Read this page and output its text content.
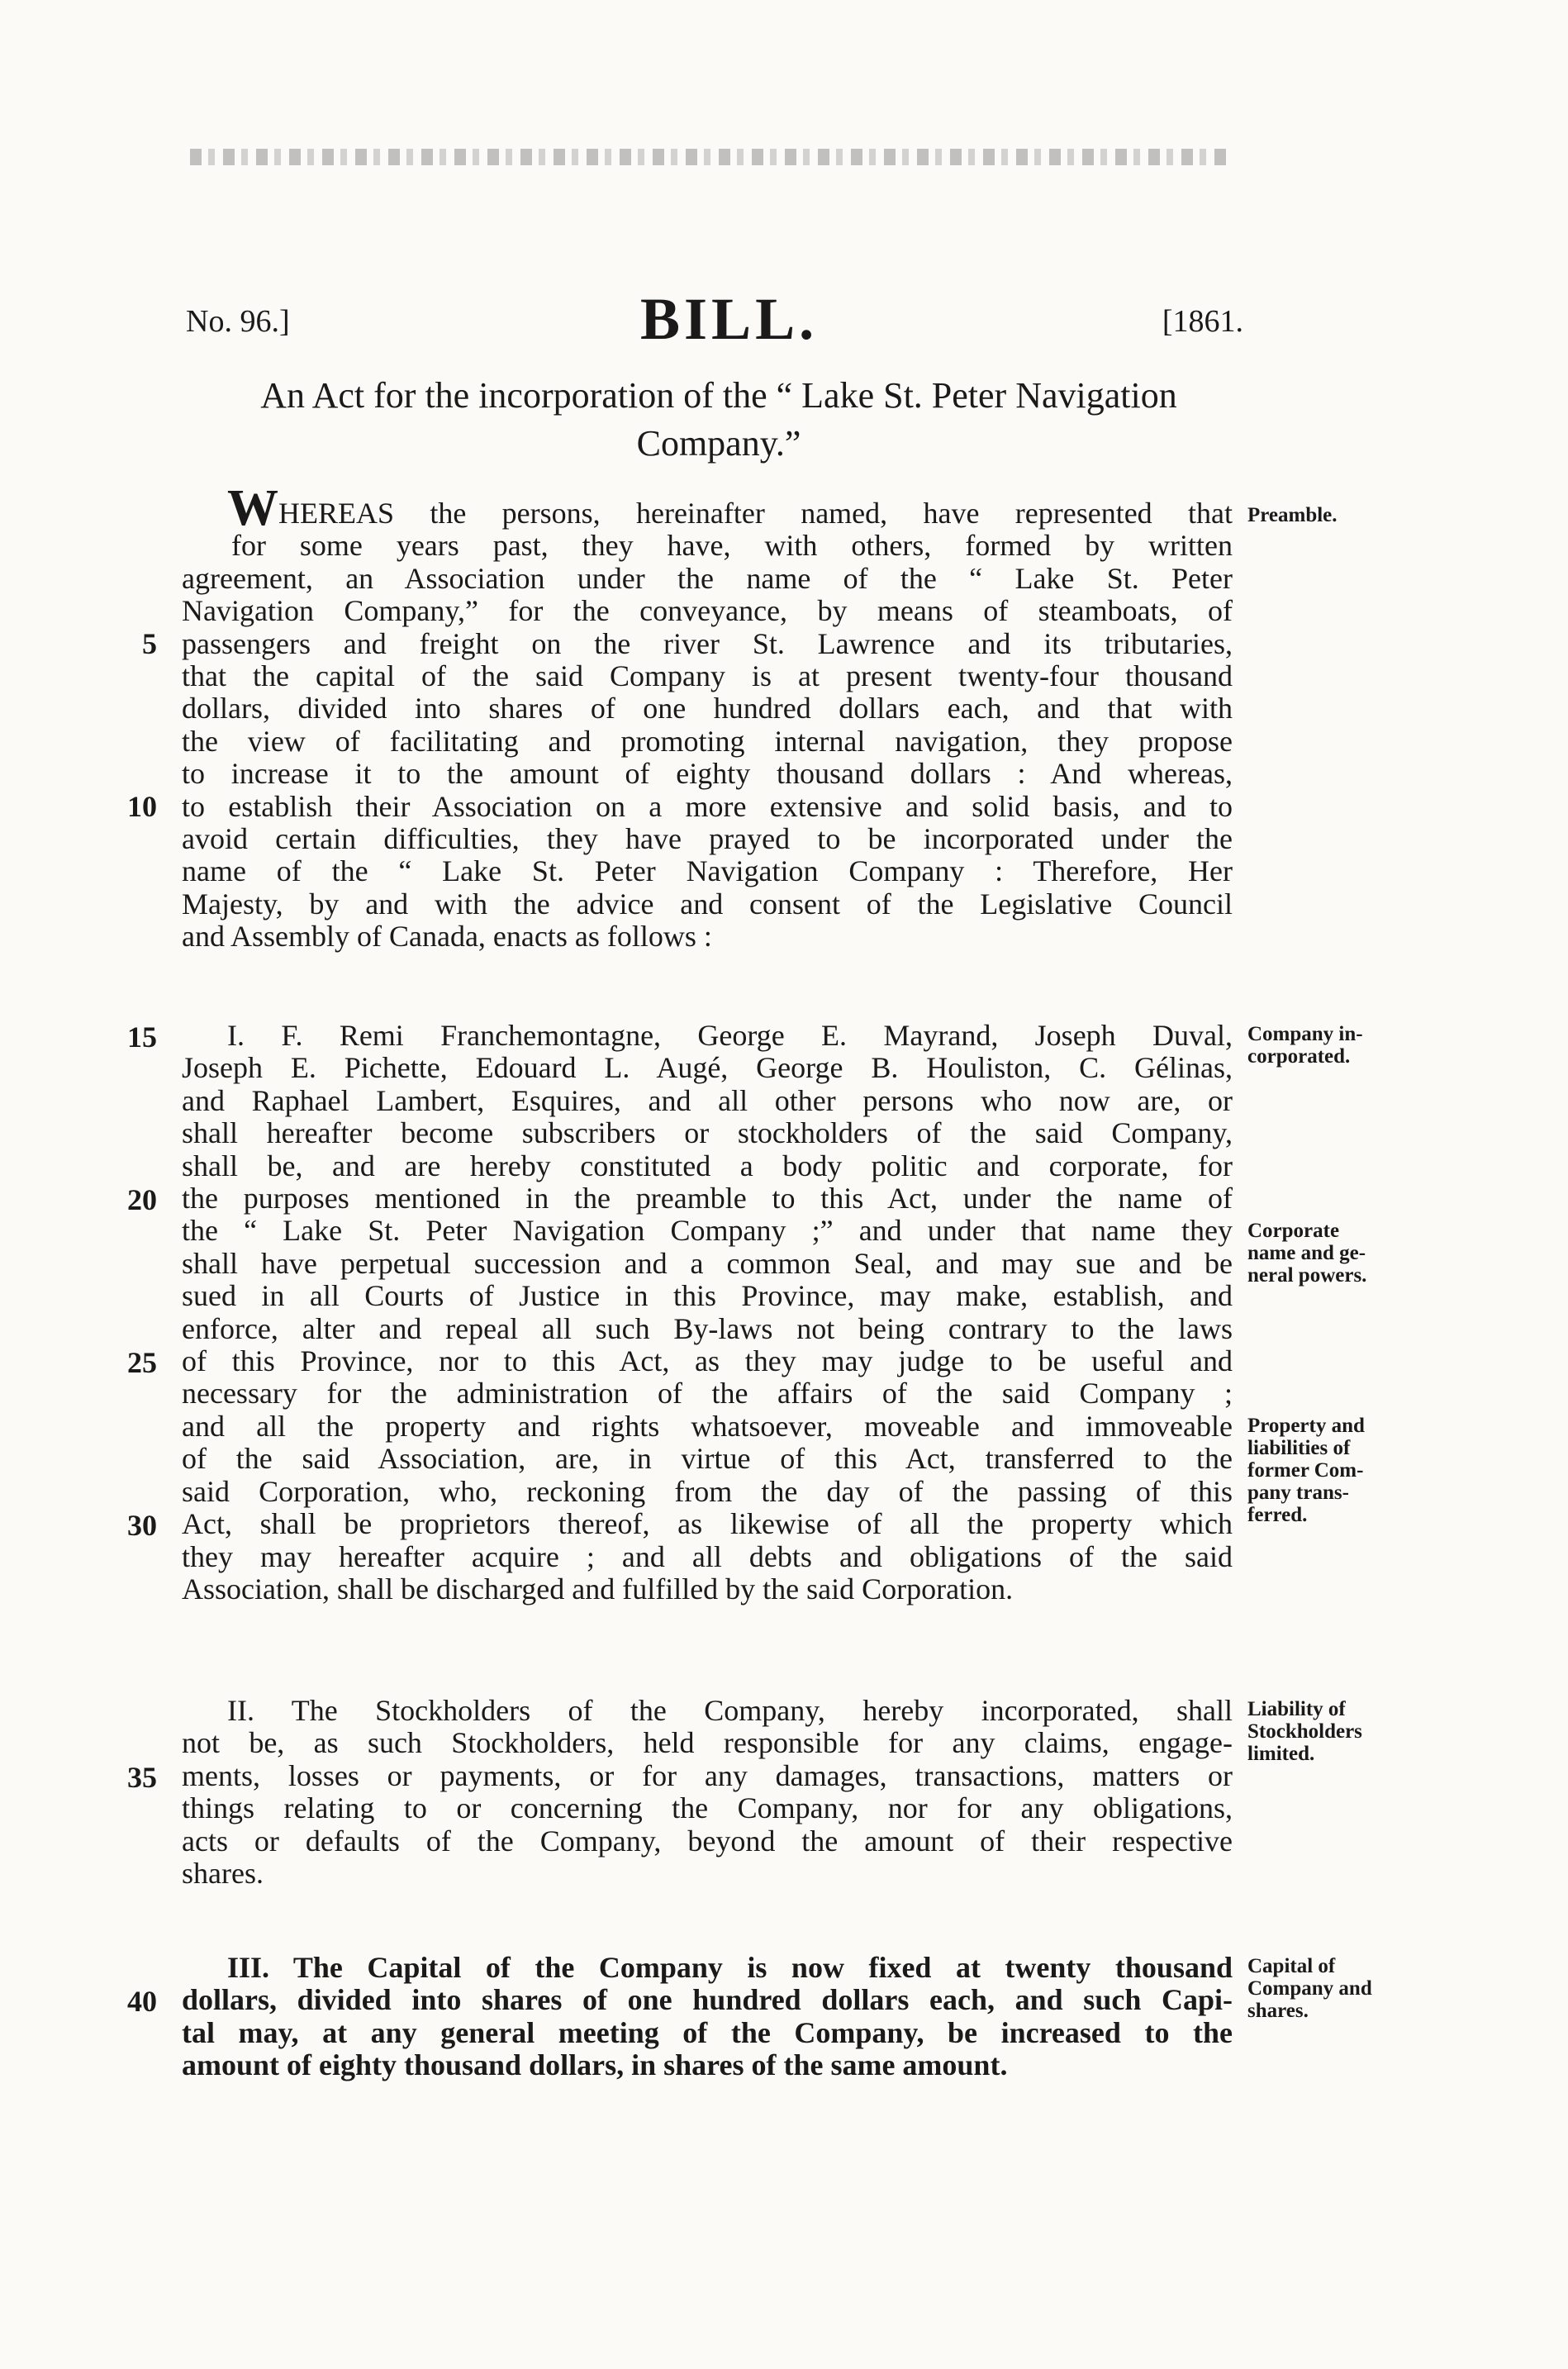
No. 96.]	BILL.	[1861.
An Act for the incorporation of the “ Lake St. Peter Navigation
Company.”
WHEREAS the persons, hereinafter named, have represented that
for some years past, they have, with others, formed by written
agreement, an Association under the name of the “ Lake St. Peter
Navigation Company,” for the conveyance, by means of steamboats, of
passengers and freight on the river St. Lawrence and its tributaries,
that the capital of the said Company is at present twenty-four thousand
dollars, divided into shares of one hundred dollars each, and that with
the view of facilitating and promoting internal navigation, they propose
to increase it to the amount of eighty thousand dollars : And whereas,
to establish their Association on a more extensive and solid basis, and to
avoid certain difficulties, they have prayed to be incorporated under the
name of the “ Lake St. Peter Navigation Company : Therefore, Her
Majesty, by and with the advice and consent of the Legislative Council
and Assembly of Canada, enacts as follows :
I. F. Remi Franchemontagne, George E. Mayrand, Joseph Duval,
Joseph E. Pichette, Edouard L. Augé, George B. Houliston, C. Gélinas,
and Raphael Lambert, Esquires, and all other persons who now are, or
shall hereafter become subscribers or stockholders of the said Company,
shall be, and are hereby constituted a body politic and corporate, for
the purposes mentioned in the preamble to this Act, under the name of
the “ Lake St. Peter Navigation Company ;” and under that name they
shall have perpetual succession and a common Seal, and may sue and be
sued in all Courts of Justice in this Province, may make, establish, and
enforce, alter and repeal all such By-laws not being contrary to the laws
of this Province, nor to this Act, as they may judge to be useful and
necessary for the administration of the affairs of the said Company ;
and all the property and rights whatsoever, moveable and immoveable
of the said Association, are, in virtue of this Act, transferred to the
said Corporation, who, reckoning from the day of the passing of this
Act, shall be proprietors thereof, as likewise of all the property which
they may hereafter acquire ; and all debts and obligations of the said
Association, shall be discharged and fulfilled by the said Corporation.
II. The Stockholders of the Company, hereby incorporated, shall
not be, as such Stockholders, held responsible for any claims, engage-
ments, losses or payments, or for any damages, transactions, matters or
things relating to or concerning the Company, nor for any obligations,
acts or defaults of the Company, beyond the amount of their respective
shares.
III. The Capital of the Company is now fixed at twenty thousand
dollars, divided into shares of one hundred dollars each, and such Capi-
tal may, at any general meeting of the Company, be increased to the
amount of eighty thousand dollars, in shares of the same amount.
5
10
15
20
25
30
35
40
Preamble.
Company in-
corporated.
Corporate
name and ge-
neral powers.
Property and
liabilities of
former Com-
pany trans-
ferred.
Liability of
Stockholders
limited.
Capital of
Company and
shares.
